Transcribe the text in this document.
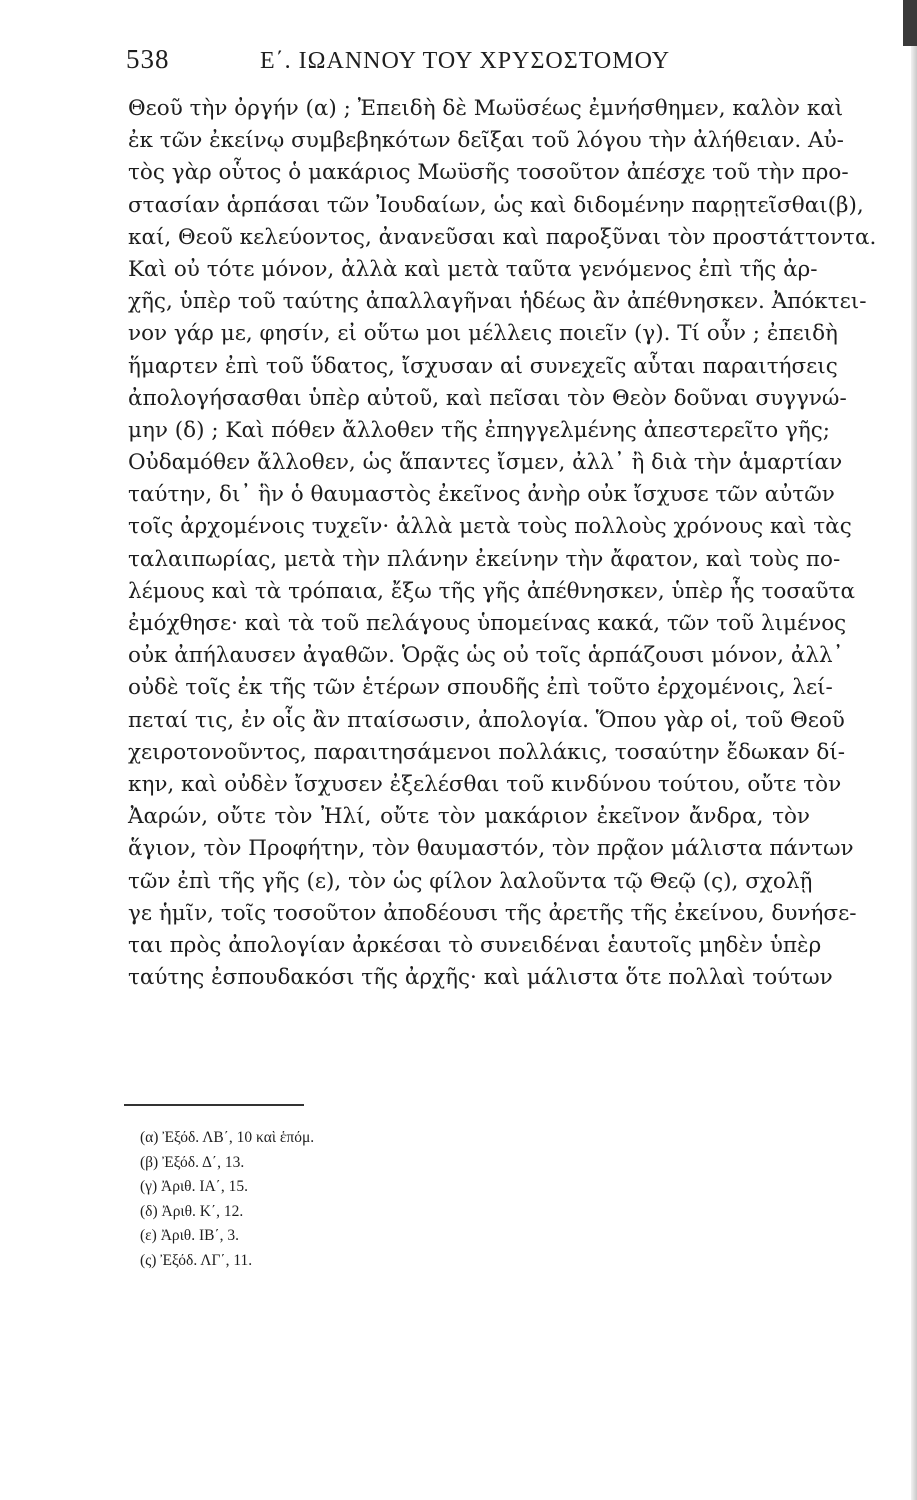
538	Ε΄. ΙΩΑΝΝΟΥ ΤΟΥ ΧΡΥΣΟΣΤΟΜΟΥ
Θεοῦ τὴν ὀργήν (α) ; Ἐπειδὴ δὲ Μωϋσέως ἐμνήσθημεν, καλὸν καὶ
ἐκ τῶν ἐκείνῳ συμβεβηκότων δεῖξαι τοῦ λόγου τὴν ἀλήθειαν. Αὐ-
τὸς γὰρ οὗτος ὁ μακάριος Μωϋσῆς τοσοῦτον ἀπέσχε τοῦ τὴν προ-
στασίαν ἁρπάσαι τῶν Ἰουδαίων, ὡς καὶ διδομένην παρῃτεῖσθαι(β),
καί, Θεοῦ κελεύοντος, ἀνανεῦσαι καὶ παροξῦναι τὸν προστάττοντα.
Καὶ οὐ τότε μόνον, ἀλλὰ καὶ μετὰ ταῦτα γενόμενος ἐπὶ τῆς ἀρ-
χῆς, ὑπὲρ τοῦ ταύτης ἀπαλλαγῆναι ἡδέως ἂν ἀπέθνησκεν. Ἀπόκτει-
νον γάρ με, φησίν, εἰ οὕτω μοι μέλλεις ποιεῖν (γ). Τί οὖν ; ἐπειδὴ
ἥμαρτεν ἐπὶ τοῦ ὕδατος, ἴσχυσαν αἱ συνεχεῖς αὗται παραιτήσεις
ἀπολογήσασθαι ὑπὲρ αὐτοῦ, καὶ πεῖσαι τὸν Θεὸν δοῦναι συγγνώ-
μην (δ) ; Καὶ πόθεν ἄλλοθεν τῆς ἐπηγγελμένης ἀπεστερεῖτο γῆς;
Οὐδαμόθεν ἄλλοθεν, ὡς ἅπαντες ἴσμεν, ἀλλ᾽ ἢ διὰ τὴν ἁμαρτίαν
ταύτην, δι᾽ ἣν ὁ θαυμαστὸς ἐκεῖνος ἀνὴρ οὐκ ἴσχυσε τῶν αὐτῶν
τοῖς ἀρχομένοις τυχεῖν· ἀλλὰ μετὰ τοὺς πολλοὺς χρόνους καὶ τὰς
ταλαιπωρίας, μετὰ τὴν πλάνην ἐκείνην τὴν ἄφατον, καὶ τοὺς πο-
λέμους καὶ τὰ τρόπαια, ἔξω τῆς γῆς ἀπέθνησκεν, ὑπὲρ ἧς τοσαῦτα
ἐμόχθησε· καὶ τὰ τοῦ πελάγους ὑπομείνας κακά, τῶν τοῦ λιμένος
οὐκ ἀπήλαυσεν ἀγαθῶν. Ὁρᾷς ὡς οὐ τοῖς ἁρπάζουσι μόνον, ἀλλ᾽
οὐδὲ τοῖς ἐκ τῆς τῶν ἑτέρων σπουδῆς ἐπὶ τοῦτο ἐρχομένοις, λεί-
πεταί τις, ἐν οἷς ἂν πταίσωσιν, ἀπολογία. Ὅπου γὰρ οἱ, τοῦ Θεοῦ
χειροτονοῦντος, παραιτησάμενοι πολλάκις, τοσαύτην ἔδωκαν δί-
κην, καὶ οὐδὲν ἴσχυσεν ἐξελέσθαι τοῦ κινδύνου τούτου, οὔτε τὸν
Ἀαρών, οὔτε τὸν Ἠλί, οὔτε τὸν μακάριον ἐκεῖνον ἄνδρα, τὸν
ἅγιον, τὸν Προφήτην, τὸν θαυμαστόν, τὸν πρᾷον μάλιστα πάντων
τῶν ἐπὶ τῆς γῆς (ε), τὸν ὡς φίλον λαλοῦντα τῷ Θεῷ (ς), σχολῇ
γε ἡμῖν, τοῖς τοσοῦτον ἀποδέουσι τῆς ἀρετῆς τῆς ἐκείνου, δυνήσε-
ται πρὸς ἀπολογίαν ἀρκέσαι τὸ συνειδέναι ἑαυτοῖς μηδὲν ὑπὲρ
ταύτης ἐσπουδακόσι τῆς ἀρχῆς· καὶ μάλιστα ὅτε πολλαὶ τούτων
(α) Ἐξόδ. ΛΒ΄, 10 καὶ ἑπόμ.
(β) Ἐξόδ. Δ΄, 13.
(γ) Ἀριθ. ΙΑ΄, 15.
(δ) Ἀριθ. Κ΄, 12.
(ε) Ἀριθ. ΙΒ΄, 3.
(ς) Ἐξόδ. ΛΓ΄, 11.
